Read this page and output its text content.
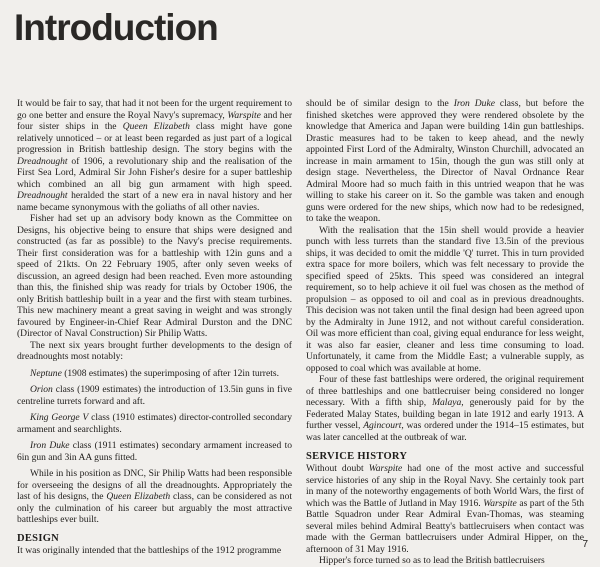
Introduction

It would be fair to say, that had it not been for the urgent requirement to go one better and ensure the Royal Navy's supremacy, Warspite and her four sister ships in the Queen Elizabeth class might have gone relatively unnoticed – or at least been regarded as just part of a logical progression in British battleship design. The story begins with the Dreadnought of 1906, a revolutionary ship and the realisation of the First Sea Lord, Admiral Sir John Fisher's desire for a super battleship which combined an all big gun armament with high speed. Dreadnought heralded the start of a new era in naval history and her name became synonymous with the goliaths of all other navies.

Fisher had set up an advisory body known as the Committee on Designs, his objective being to ensure that ships were designed and constructed (as far as possible) to the Navy's precise requirements. Their first consideration was for a battleship with 12in guns and a speed of 21kts. On 22 February 1905, after only seven weeks of discussion, an agreed design had been reached. Even more astounding than this, the finished ship was ready for trials by October 1906, the only British battleship built in a year and the first with steam turbines. This new machinery meant a great saving in weight and was strongly favoured by Engineer-in-Chief Rear Admiral Durston and the DNC (Director of Naval Construction) Sir Philip Watts.

The next six years brought further developments to the design of dreadnoughts most notably:

Neptune (1908 estimates) the superimposing of after 12in turrets.

Orion class (1909 estimates) the introduction of 13.5in guns in five centreline turrets forward and aft.

King George V class (1910 estimates) director-controlled secondary armament and searchlights.

Iron Duke class (1911 estimates) secondary armament increased to 6in gun and 3in AA guns fitted.

While in his position as DNC, Sir Philip Watts had been responsible for overseeing the designs of all the dreadnoughts. Appropriately the last of his designs, the Queen Elizabeth class, can be considered as not only the culmination of his career but arguably the most attractive battleships ever built.

DESIGN

It was originally intended that the battleships of the 1912 programme

should be of similar design to the Iron Duke class, but before the finished sketches were approved they were rendered obsolete by the knowledge that America and Japan were building 14in gun battleships. Drastic measures had to be taken to keep ahead, and the newly appointed First Lord of the Admiralty, Winston Churchill, advocated an increase in main armament to 15in, though the gun was still only at design stage. Nevertheless, the Director of Naval Ordnance Rear Admiral Moore had so much faith in this untried weapon that he was willing to stake his career on it. So the gamble was taken and enough guns were ordered for the new ships, which now had to be redesigned, to take the weapon.

With the realisation that the 15in shell would provide a heavier punch with less turrets than the standard five 13.5in of the previous ships, it was decided to omit the middle 'Q' turret. This in turn provided extra space for more boilers, which was felt necessary to provide the specified speed of 25kts. This speed was considered an integral requirement, so to help achieve it oil fuel was chosen as the method of propulsion – as opposed to oil and coal as in previous dreadnoughts. This decision was not taken until the final design had been agreed upon by the Admiralty in June 1912, and not without careful consideration. Oil was more efficient than coal, giving equal endurance for less weight, it was also far easier, cleaner and less time consuming to load. Unfortunately, it came from the Middle East; a vulnerable supply, as opposed to coal which was available at home.

Four of these fast battleships were ordered, the original requirement of three battleships and one battlecruiser being considered no longer necessary. With a fifth ship, Malaya, generously paid for by the Federated Malay States, building began in late 1912 and early 1913. A further vessel, Agincourt, was ordered under the 1914–15 estimates, but was later cancelled at the outbreak of war.

SERVICE HISTORY

Without doubt Warspite had one of the most active and successful service histories of any ship in the Royal Navy. She certainly took part in many of the noteworthy engagements of both World Wars, the first of which was the Battle of Jutland in May 1916. Warspite as part of the 5th Battle Squadron under Rear Admiral Evan-Thomas, was steaming several miles behind Admiral Beatty's battlecruisers when contact was made with the German battlecruisers under Admiral Hipper, on the afternoon of 31 May 1916.

Hipper's force turned so as to lead the British battlecruisers

7
